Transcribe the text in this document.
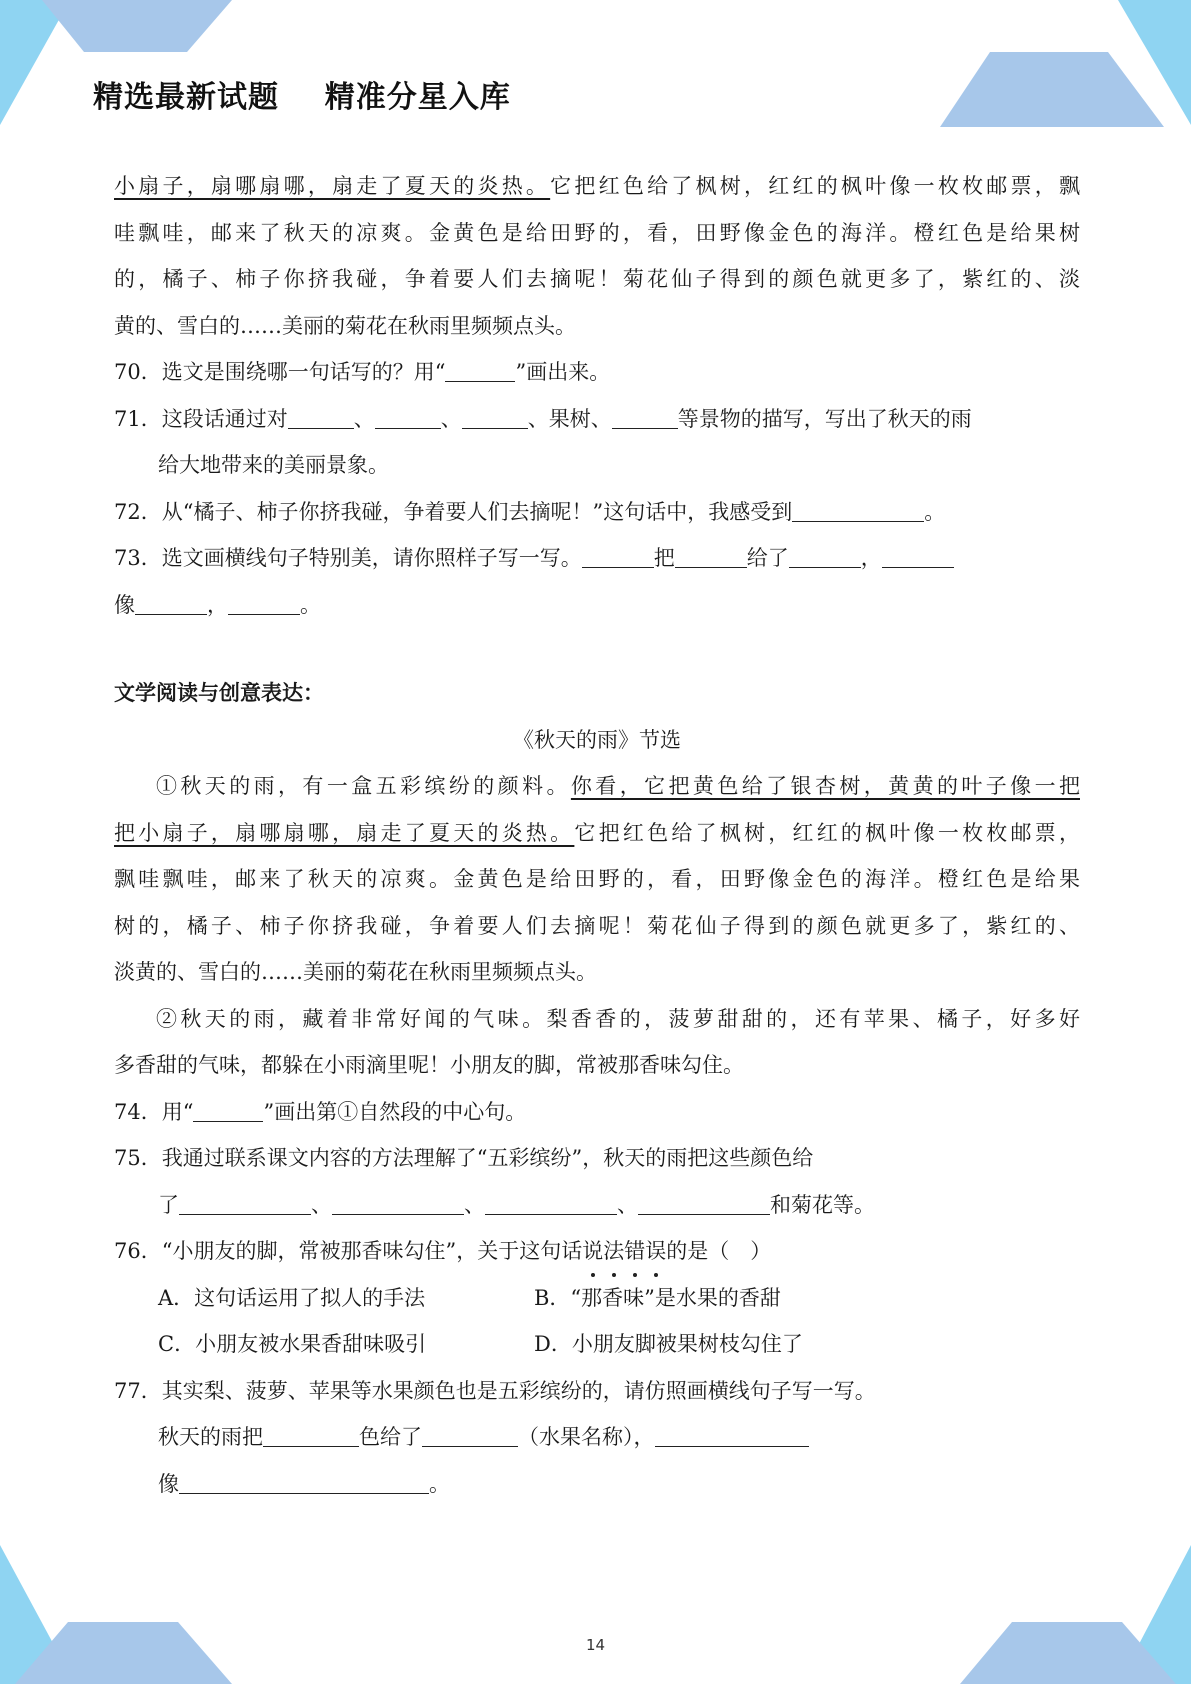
精选最新试题    精准分星入库
小扇子，扇哪扇哪，扇走了夏天的炎热。它把红色给了枫树，红红的枫叶像一枚枚邮票，飘
哇飘哇，邮来了秋天的凉爽。金黄色是给田野的，看，田野像金色的海洋。橙红色是给果树
的，橘子、柿子你挤我碰，争着要人们去摘呢！菊花仙子得到的颜色就更多了，紫红的、淡
黄的、雪白的……美丽的菊花在秋雨里频频点头。
70．选文是围绕哪一句话写的？用“	”画出来。
71．这段话通过对	、	、	、果树、	等景物的描写，写出了秋天的雨
给大地带来的美丽景象。
72．从“橘子、柿子你挤我碰，争着要人们去摘呢！”这句话中，我感受到	。
73．选文画横线句子特别美，请你照样子写一写。	把	给了	，
像	，	。
文学阅读与创意表达：
《秋天的雨》节选
①秋天的雨，有一盒五彩缤纷的颜料。你看，它把黄色给了银杏树，黄黄的叶子像一把
把小扇子，扇哪扇哪，扇走了夏天的炎热。它把红色给了枫树，红红的枫叶像一枚枚邮票，
飘哇飘哇，邮来了秋天的凉爽。金黄色是给田野的，看，田野像金色的海洋。橙红色是给果
树的，橘子、柿子你挤我碰，争着要人们去摘呢！菊花仙子得到的颜色就更多了，紫红的、
淡黄的、雪白的……美丽的菊花在秋雨里频频点头。
②秋天的雨，藏着非常好闻的气味。梨香香的，菠萝甜甜的，还有苹果、橘子，好多好
多香甜的气味，都躲在小雨滴里呢！小朋友的脚，常被那香味勾住。
74．用“	”画出第①自然段的中心句。
75．我通过联系课文内容的方法理解了“五彩缤纷”，秋天的雨把这些颜色给
了	、	、	、	和菊花等。
76．“小朋友的脚，常被那香味勾住”，关于这句话说法错误的是（　）
A．这句话运用了拟人的手法	B．“那香味”是水果的香甜
C．小朋友被水果香甜味吸引	D．小朋友脚被果树枝勾住了
77．其实梨、菠萝、苹果等水果颜色也是五彩缤纷的，请仿照画横线句子写一写。
秋天的雨把	色给了	（水果名称），
像	。
14
